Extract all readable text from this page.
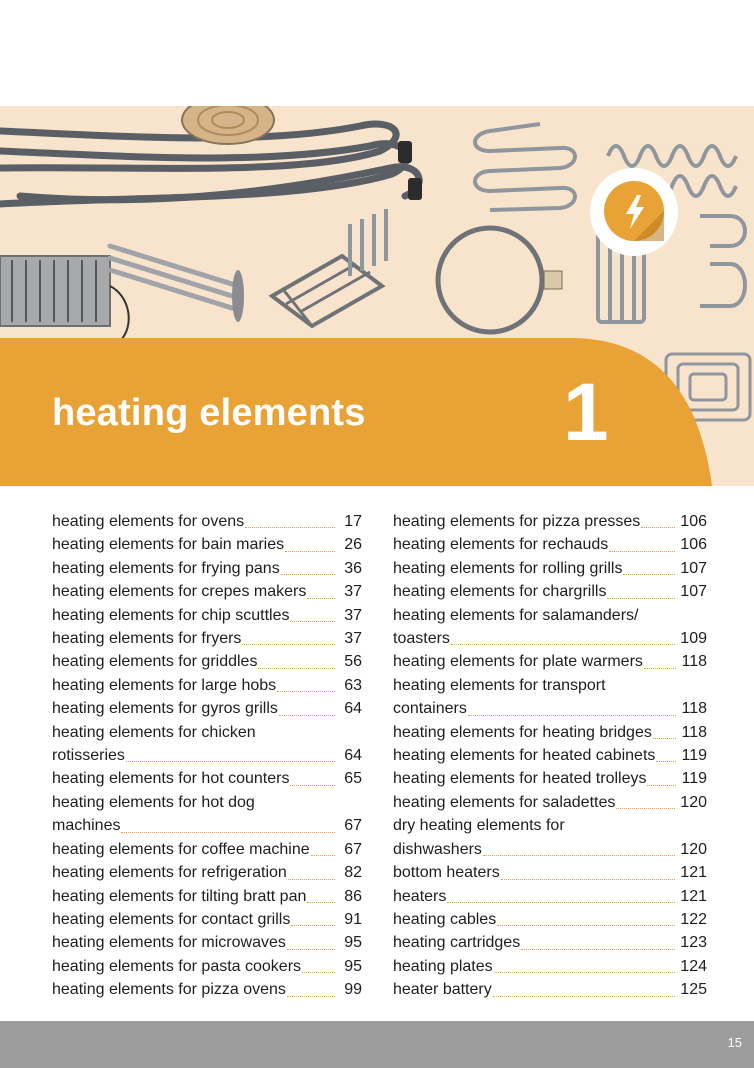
heating elements 1
heating elements for ovens	17
heating elements for bain maries	26
heating elements for frying pans	36
heating elements for crepes makers 37
heating elements for chip scuttles	37
heating elements for fryers	37
heating elements for griddles	56
heating elements for large hobs	63
heating elements for gyros grills	64
heating elements for chicken
rotisseries	64
heating elements for hot counters	65
heating elements for hot dog
machines	67
heating elements for coffee machine 67
heating elements for refrigeration	82
heating elements for tilting bratt pan 86
heating elements for contact grills	91
heating elements for microwaves	95
heating elements for pasta cookers	95
heating elements for pizza ovens	99
heating elements for pizza presses	106
heating elements for rechauds	106
heating elements for rolling grills	107
heating elements for chargrills	107
heating elements for salamanders/
toasters	109
heating elements for plate warmers 118
heating elements for transport
containers	118
heating elements for heating bridges 118
heating elements for heated cabinets 119
heating elements for heated trolleys 119
heating elements for saladettes	120
dry heating elements for
dishwashers	120
bottom heaters	121
heaters	121
heating cables	122
heating cartridges	123
heating plates	124
heater battery	125
15
